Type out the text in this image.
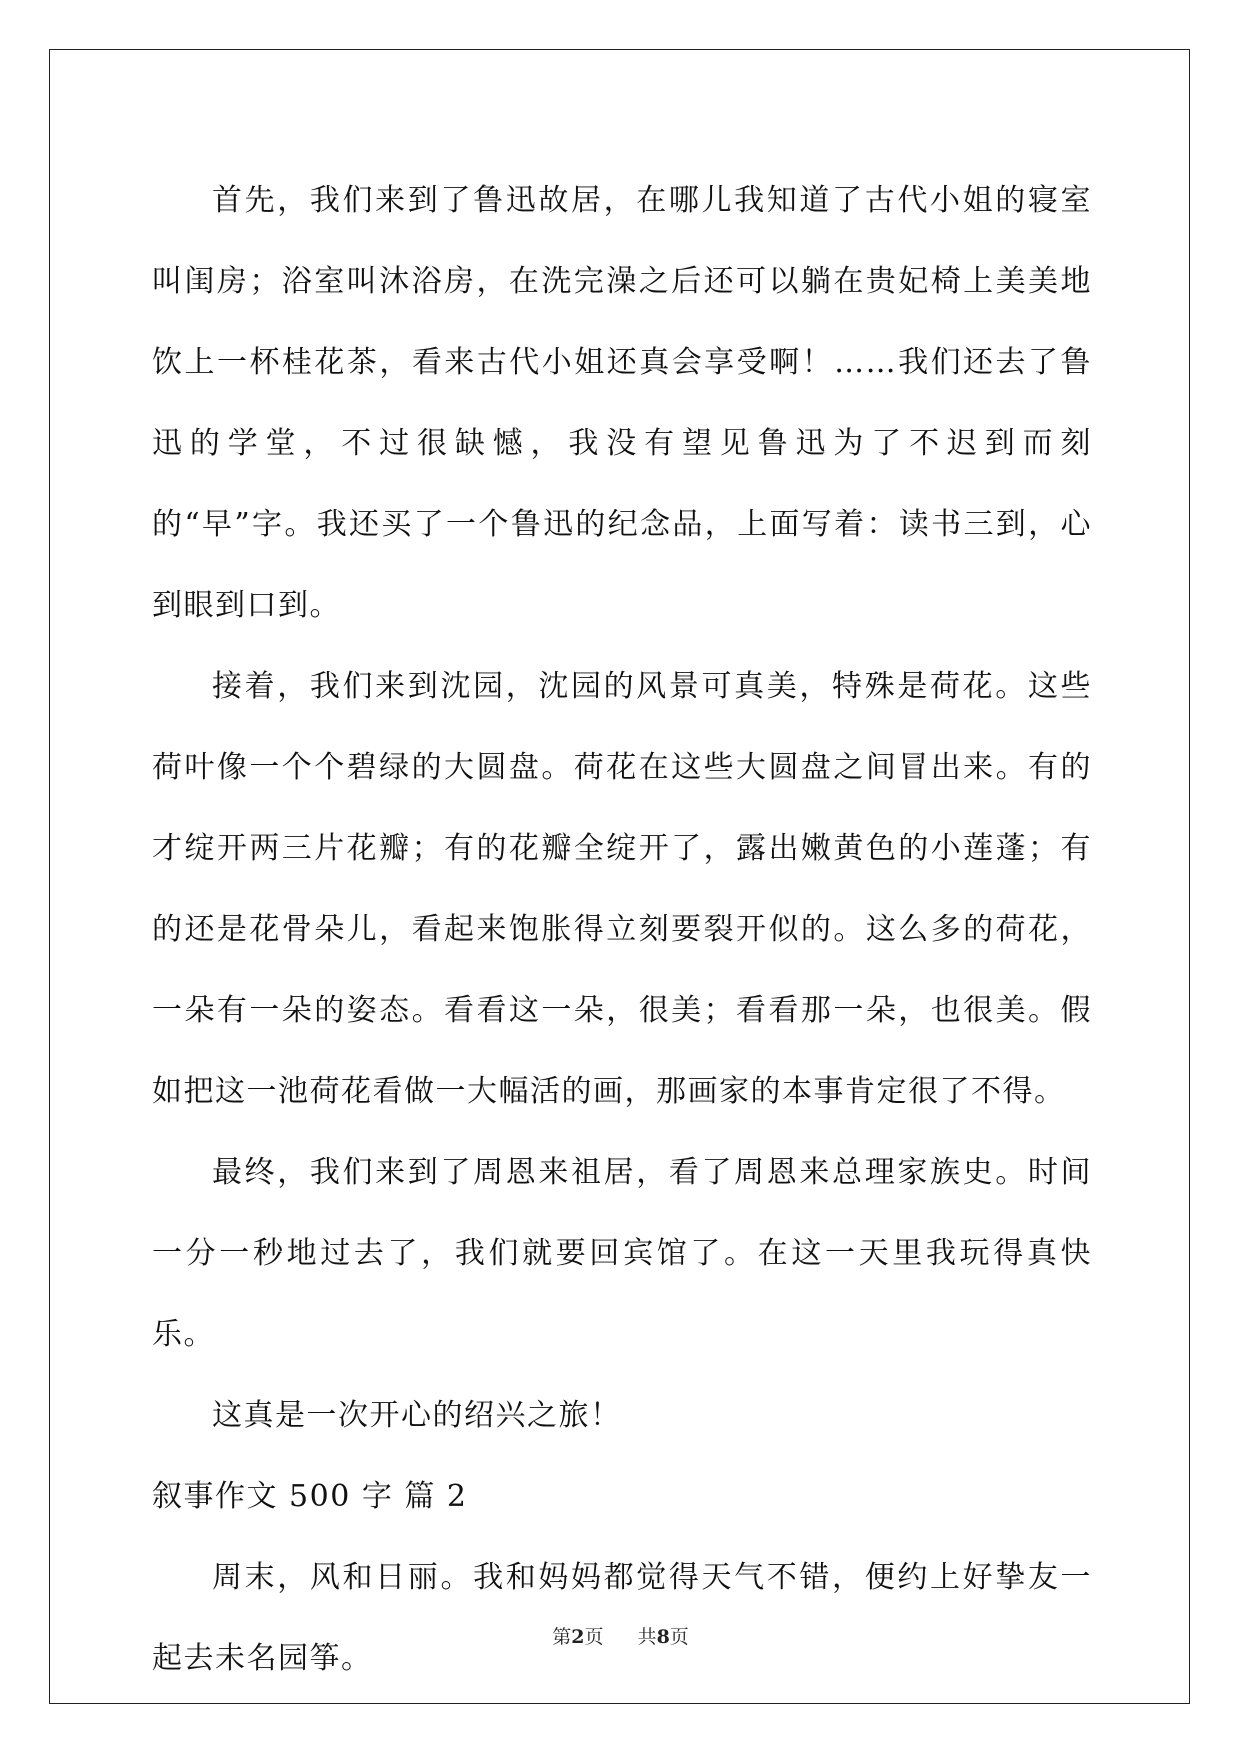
首先，我们来到了鲁迅故居，在哪儿我知道了古代小姐的寝室叫闺房；浴室叫沐浴房，在洗完澡之后还可以躺在贵妃椅上美美地饮上一杯桂花茶，看来古代小姐还真会享受啊！……我们还去了鲁迅的学堂，不过很缺憾，我没有望见鲁迅为了不迟到而刻的“早”字。我还买了一个鲁迅的纪念品，上面写着：读书三到，心到眼到口到。

接着，我们来到沈园，沈园的风景可真美，特殊是荷花。这些荷叶像一个个碧绿的大圆盘。荷花在这些大圆盘之间冒出来。有的才绽开两三片花瓣；有的花瓣全绽开了，露出嫩黄色的小莲蓬；有的还是花骨朵儿，看起来饱胀得立刻要裂开似的。这么多的荷花，一朵有一朵的姿态。看看这一朵，很美；看看那一朵，也很美。假如把这一池荷花看做一大幅活的画，那画家的本事肯定很了不得。

最终，我们来到了周恩来祖居，看了周恩来总理家族史。时间一分一秒地过去了，我们就要回宾馆了。在这一天里我玩得真快乐。

这真是一次开心的绍兴之旅！

叙事作文 500 字 篇 2

周末，风和日丽。我和妈妈都觉得天气不错，便约上好挚友一起去未名园筝。

第2页 共8页
